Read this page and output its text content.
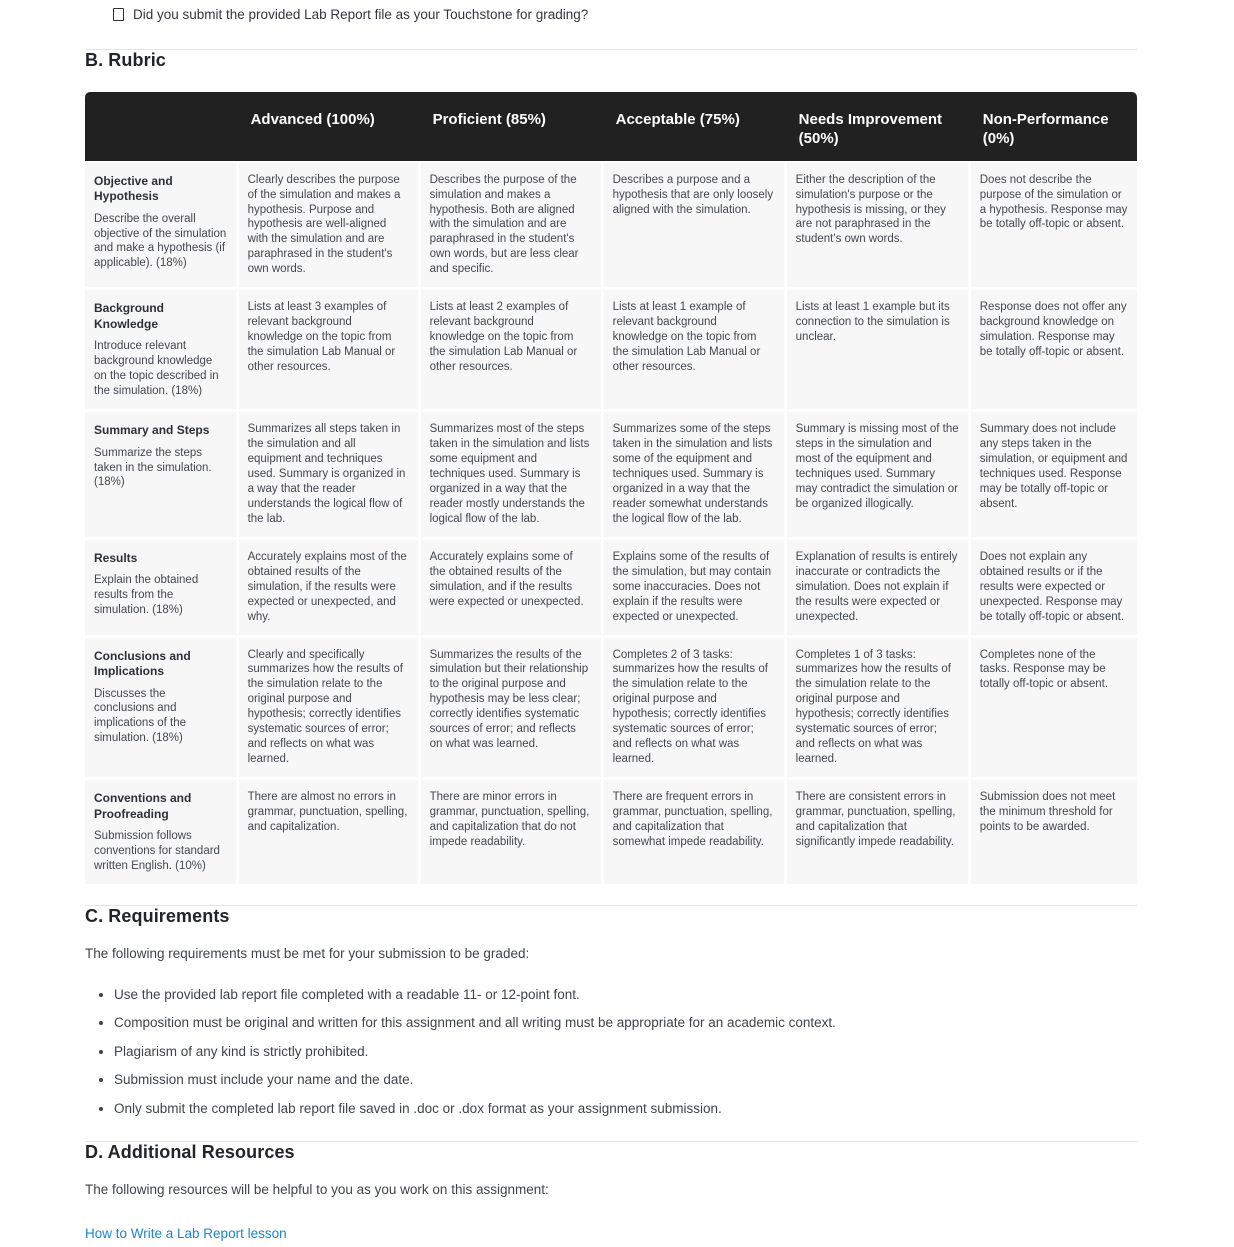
Did you submit the provided Lab Report file as your Touchstone for grading?
B. Rubric
	Advanced (100%)	Proficient (85%)	Acceptable (75%)	Needs Improvement (50%)	Non-Performance (0%)

Objective and Hypothesis
Describe the overall objective of the simulation and make a hypothesis (if applicable). (18%)	Clearly describes the purpose of the simulation and makes a hypothesis. Purpose and hypothesis are well-aligned with the simulation and are paraphrased in the student's own words.	Describes the purpose of the simulation and makes a hypothesis. Both are aligned with the simulation and are paraphrased in the student's own words, but are less clear and specific.	Describes a purpose and a hypothesis that are only loosely aligned with the simulation.	Either the description of the simulation's purpose or the hypothesis is missing, or they are not paraphrased in the student's own words.	Does not describe the purpose of the simulation or a hypothesis. Response may be totally off-topic or absent.

Background Knowledge
Introduce relevant background knowledge on the topic described in the simulation. (18%)	Lists at least 3 examples of relevant background knowledge on the topic from the simulation Lab Manual or other resources.	Lists at least 2 examples of relevant background knowledge on the topic from the simulation Lab Manual or other resources.	Lists at least 1 example of relevant background knowledge on the topic from the simulation Lab Manual or other resources.	Lists at least 1 example but its connection to the simulation is unclear.	Response does not offer any background knowledge on simulation. Response may be totally off-topic or absent.

Summary and Steps
Summarize the steps taken in the simulation. (18%)	Summarizes all steps taken in the simulation and all equipment and techniques used. Summary is organized in a way that the reader understands the logical flow of the lab.	Summarizes most of the steps taken in the simulation and lists some equipment and techniques used. Summary is organized in a way that the reader mostly understands the logical flow of the lab.	Summarizes some of the steps taken in the simulation and lists some of the equipment and techniques used. Summary is organized in a way that the reader somewhat understands the logical flow of the lab.	Summary is missing most of the steps in the simulation and most of the equipment and techniques used. Summary may contradict the simulation or be organized illogically.	Summary does not include any steps taken in the simulation, or equipment and techniques used. Response may be totally off-topic or absent.

Results
Explain the obtained results from the simulation. (18%)	Accurately explains most of the obtained results of the simulation, if the results were expected or unexpected, and why.	Accurately explains some of the obtained results of the simulation, and if the results were expected or unexpected.	Explains some of the results of the simulation, but may contain some inaccuracies. Does not explain if the results were expected or unexpected.	Explanation of results is entirely inaccurate or contradicts the simulation. Does not explain if the results were expected or unexpected.	Does not explain any obtained results or if the results were expected or unexpected. Response may be totally off-topic or absent.

Conclusions and Implications
Discusses the conclusions and implications of the simulation. (18%)	Clearly and specifically summarizes how the results of the simulation relate to the original purpose and hypothesis; correctly identifies systematic sources of error; and reflects on what was learned.	Summarizes the results of the simulation but their relationship to the original purpose and hypothesis may be less clear; correctly identifies systematic sources of error; and reflects on what was learned.	Completes 2 of 3 tasks: summarizes how the results of the simulation relate to the original purpose and hypothesis; correctly identifies systematic sources of error; and reflects on what was learned.	Completes 1 of 3 tasks: summarizes how the results of the simulation relate to the original purpose and hypothesis; correctly identifies systematic sources of error; and reflects on what was learned.	Completes none of the tasks. Response may be totally off-topic or absent.

Conventions and Proofreading
Submission follows conventions for standard written English. (10%)	There are almost no errors in grammar, punctuation, spelling, and capitalization.	There are minor errors in grammar, punctuation, spelling, and capitalization that do not impede readability.	There are frequent errors in grammar, punctuation, spelling, and capitalization that somewhat impede readability.	There are consistent errors in grammar, punctuation, spelling, and capitalization that significantly impede readability.	Submission does not meet the minimum threshold for points to be awarded.
C. Requirements

The following requirements must be met for your submission to be graded:

• Use the provided lab report file completed with a readable 11- or 12-point font.
• Composition must be original and written for this assignment and all writing must be appropriate for an academic context.
• Plagiarism of any kind is strictly prohibited.
• Submission must include your name and the date.
• Only submit the completed lab report file saved in .doc or .dox format as your assignment submission.
D. Additional Resources

The following resources will be helpful to you as you work on this assignment:

How to Write a Lab Report lesson
